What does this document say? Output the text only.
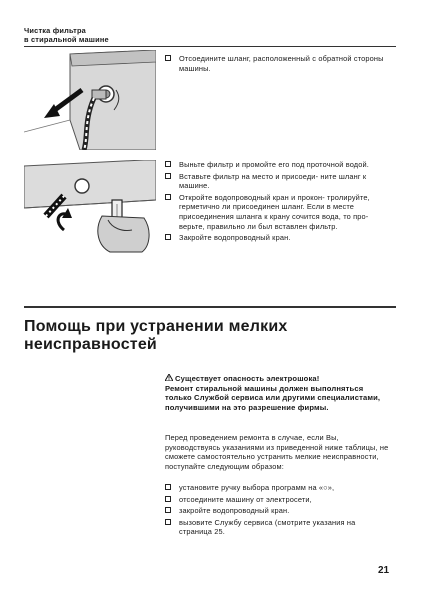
Чистка фильтра
в стиральной машине
Отсоедините шланг, расположенный с обратной стороны машины.
Выньте фильтр и промойте его под проточной водой.
Вставьте фильтр на место и присоеди- ните шланг к машине.
Откройте водопроводный кран и прокон- тролируйте, герметично ли присоединен шланг. Если в месте присоединения шланга к крану сочится вода, то про- верьте, правильно ли был вставлен фильтр.
Закройте водопроводный кран.
Помощь при устранении мелких
неисправностей
Существует опасность электрошока!
Ремонт стиральной машины должен выполняться только Службой сервиса или другими специалистами, получившими на это разрешение фирмы.
Перед проведением ремонта в случае, если Вы, руководствуясь указаниями из приведенной ниже таблицы, не сможете самостоятельно устранить мелкие неисправности, поступайте следующим образом:
установите ручку выбора программ на «○»,
отсоедините машину от электросети,
закройте водопроводный кран.
вызовите Службу сервиса (смотрите указания на страница 25.
21
